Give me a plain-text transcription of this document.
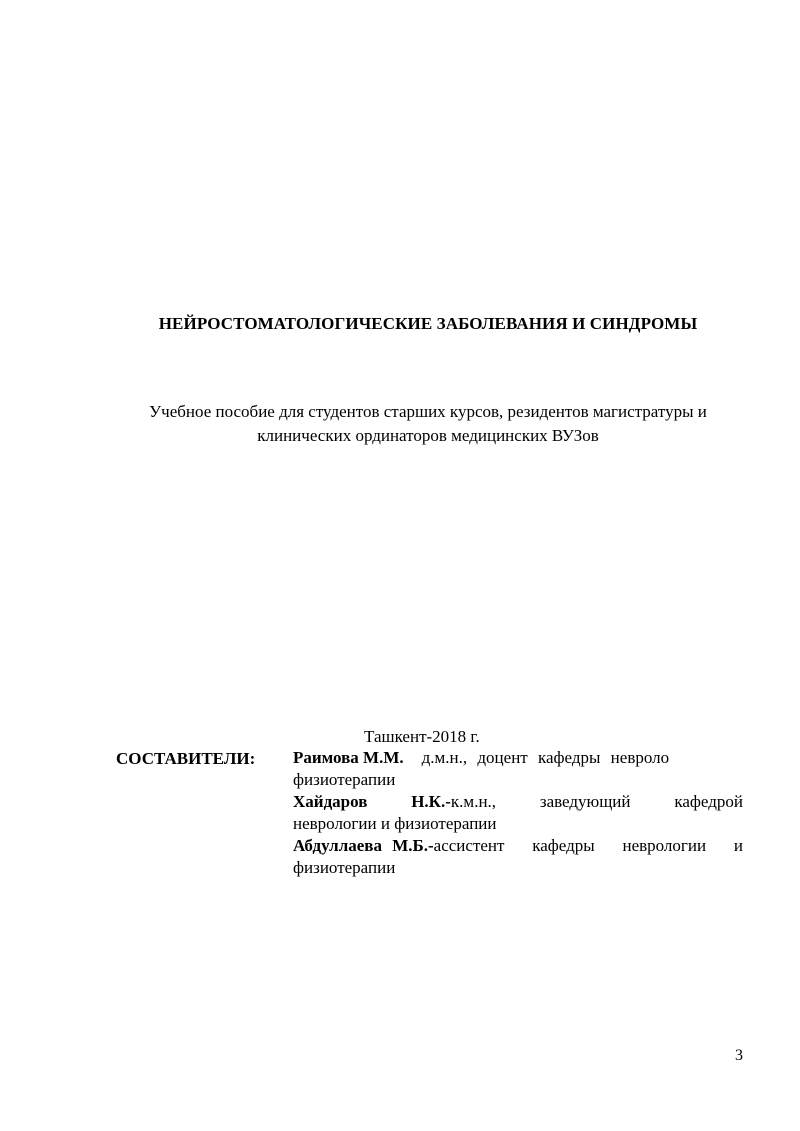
НЕЙРОСТОМАТОЛОГИЧЕСКИЕ ЗАБОЛЕВАНИЯ И СИНДРОМЫ
Учебное пособие для студентов старших курсов, резидентов магистратуры и
клинических ординаторов медицинских ВУЗов
Ташкент-2018 г.
СОСТАВИТЕЛИ: Раимова М.М. д.м.н., доцент кафедры невроло
физиотерапии
Хайдаров	Н.К.-к.м.н.,	заведующий	кафедрой
неврологии и физиотерапии
Абдуллаева М.Б.-ассистент кафедры неврологии и
физиотерапии
3
